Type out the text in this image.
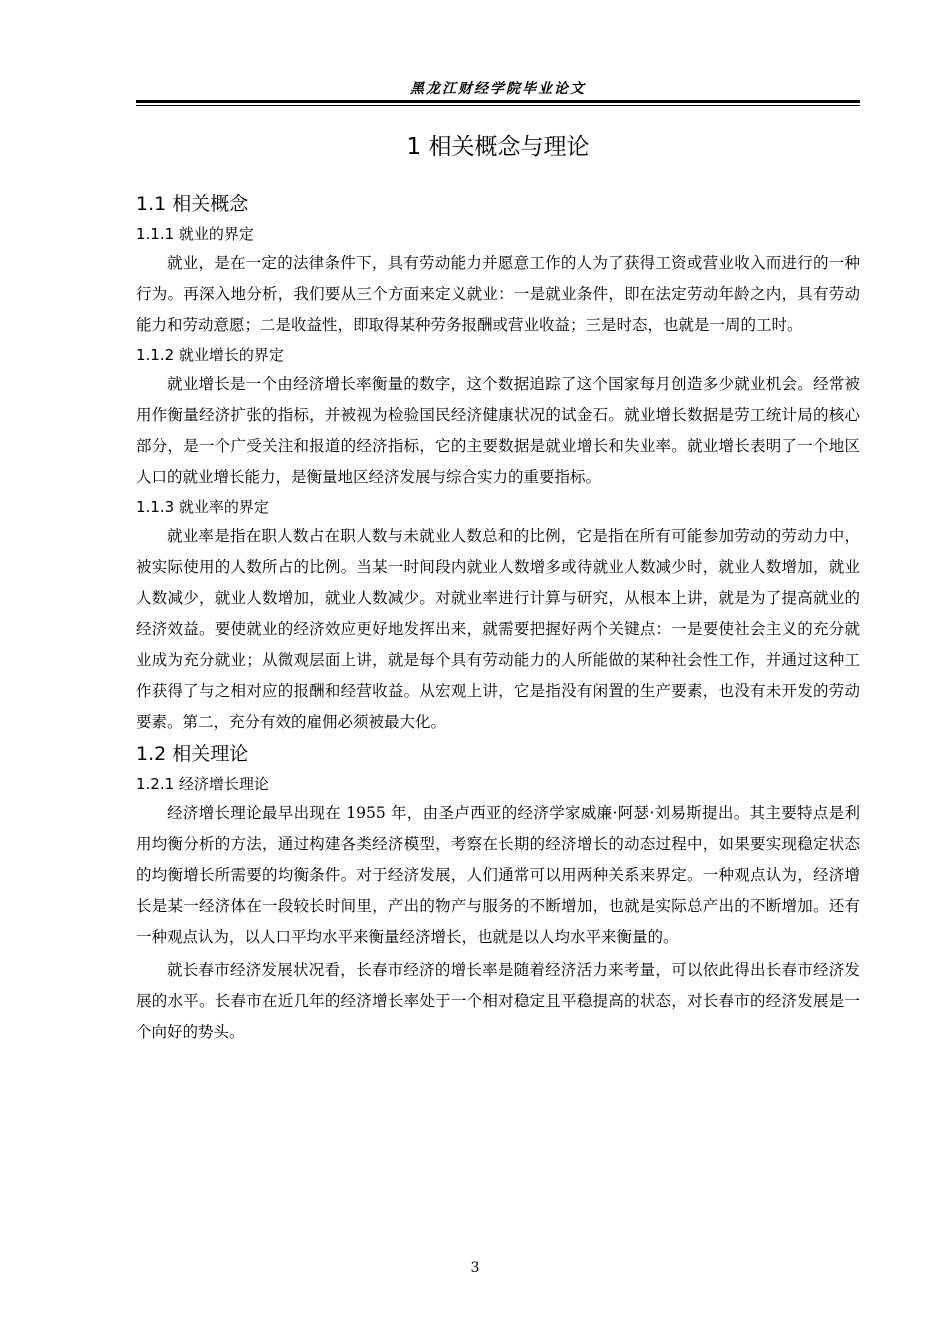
黑龙江财经学院毕业论文
1 相关概念与理论
1.1 相关概念
1.1.1 就业的界定

就业，是在一定的法律条件下，具有劳动能力并愿意工作的人为了获得工资或营业收入而进行的一种行为。再深入地分析，我们要从三个方面来定义就业：一是就业条件，即在法定劳动年龄之内，具有劳动能力和劳动意愿；二是收益性，即取得某种劳务报酬或营业收益；三是时态，也就是一周的工时。

1.1.2 就业增长的界定

就业增长是一个由经济增长率衡量的数字，这个数据追踪了这个国家每月创造多少就业机会。经常被用作衡量经济扩张的指标，并被视为检验国民经济健康状况的试金石。就业增长数据是劳工统计局的核心部分，是一个广受关注和报道的经济指标，它的主要数据是就业增长和失业率。就业增长表明了一个地区人口的就业增长能力，是衡量地区经济发展与综合实力的重要指标。

1.1.3 就业率的界定

就业率是指在职人数占在职人数与未就业人数总和的比例，它是指在所有可能参加劳动的劳动力中，被实际使用的人数所占的比例。当某一时间段内就业人数增多或待就业人数减少时，就业人数增加，就业人数减少，就业人数增加，就业人数减少。对就业率进行计算与研究，从根本上讲，就是为了提高就业的经济效益。要使就业的经济效应更好地发挥出来，就需要把握好两个关键点：一是要使社会主义的充分就业成为充分就业；从微观层面上讲，就是每个具有劳动能力的人所能做的某种社会性工作，并通过这种工作获得了与之相对应的报酬和经营收益。从宏观上讲，它是指没有闲置的生产要素，也没有未开发的劳动要素。第二，充分有效的雇佣必须被最大化。

1.2 相关理论
1.2.1 经济增长理论

经济增长理论最早出现在 1955 年，由圣卢西亚的经济学家威廉·阿瑟·刘易斯提出。其主要特点是利用均衡分析的方法，通过构建各类经济模型，考察在长期的经济增长的动态过程中，如果要实现稳定状态的均衡增长所需要的均衡条件。对于经济发展，人们通常可以用两种关系来界定。一种观点认为，经济增长是某一经济体在一段较长时间里，产出的物产与服务的不断增加，也就是实际总产出的不断增加。还有一种观点认为，以人口平均水平来衡量经济增长，也就是以人均水平来衡量的。

就长春市经济发展状况看，长春市经济的增长率是随着经济活力来考量，可以依此得出长春市经济发展的水平。长春市在近几年的经济增长率处于一个相对稳定且平稳提高的状态，对长春市的经济发展是一个向好的势头。

3
